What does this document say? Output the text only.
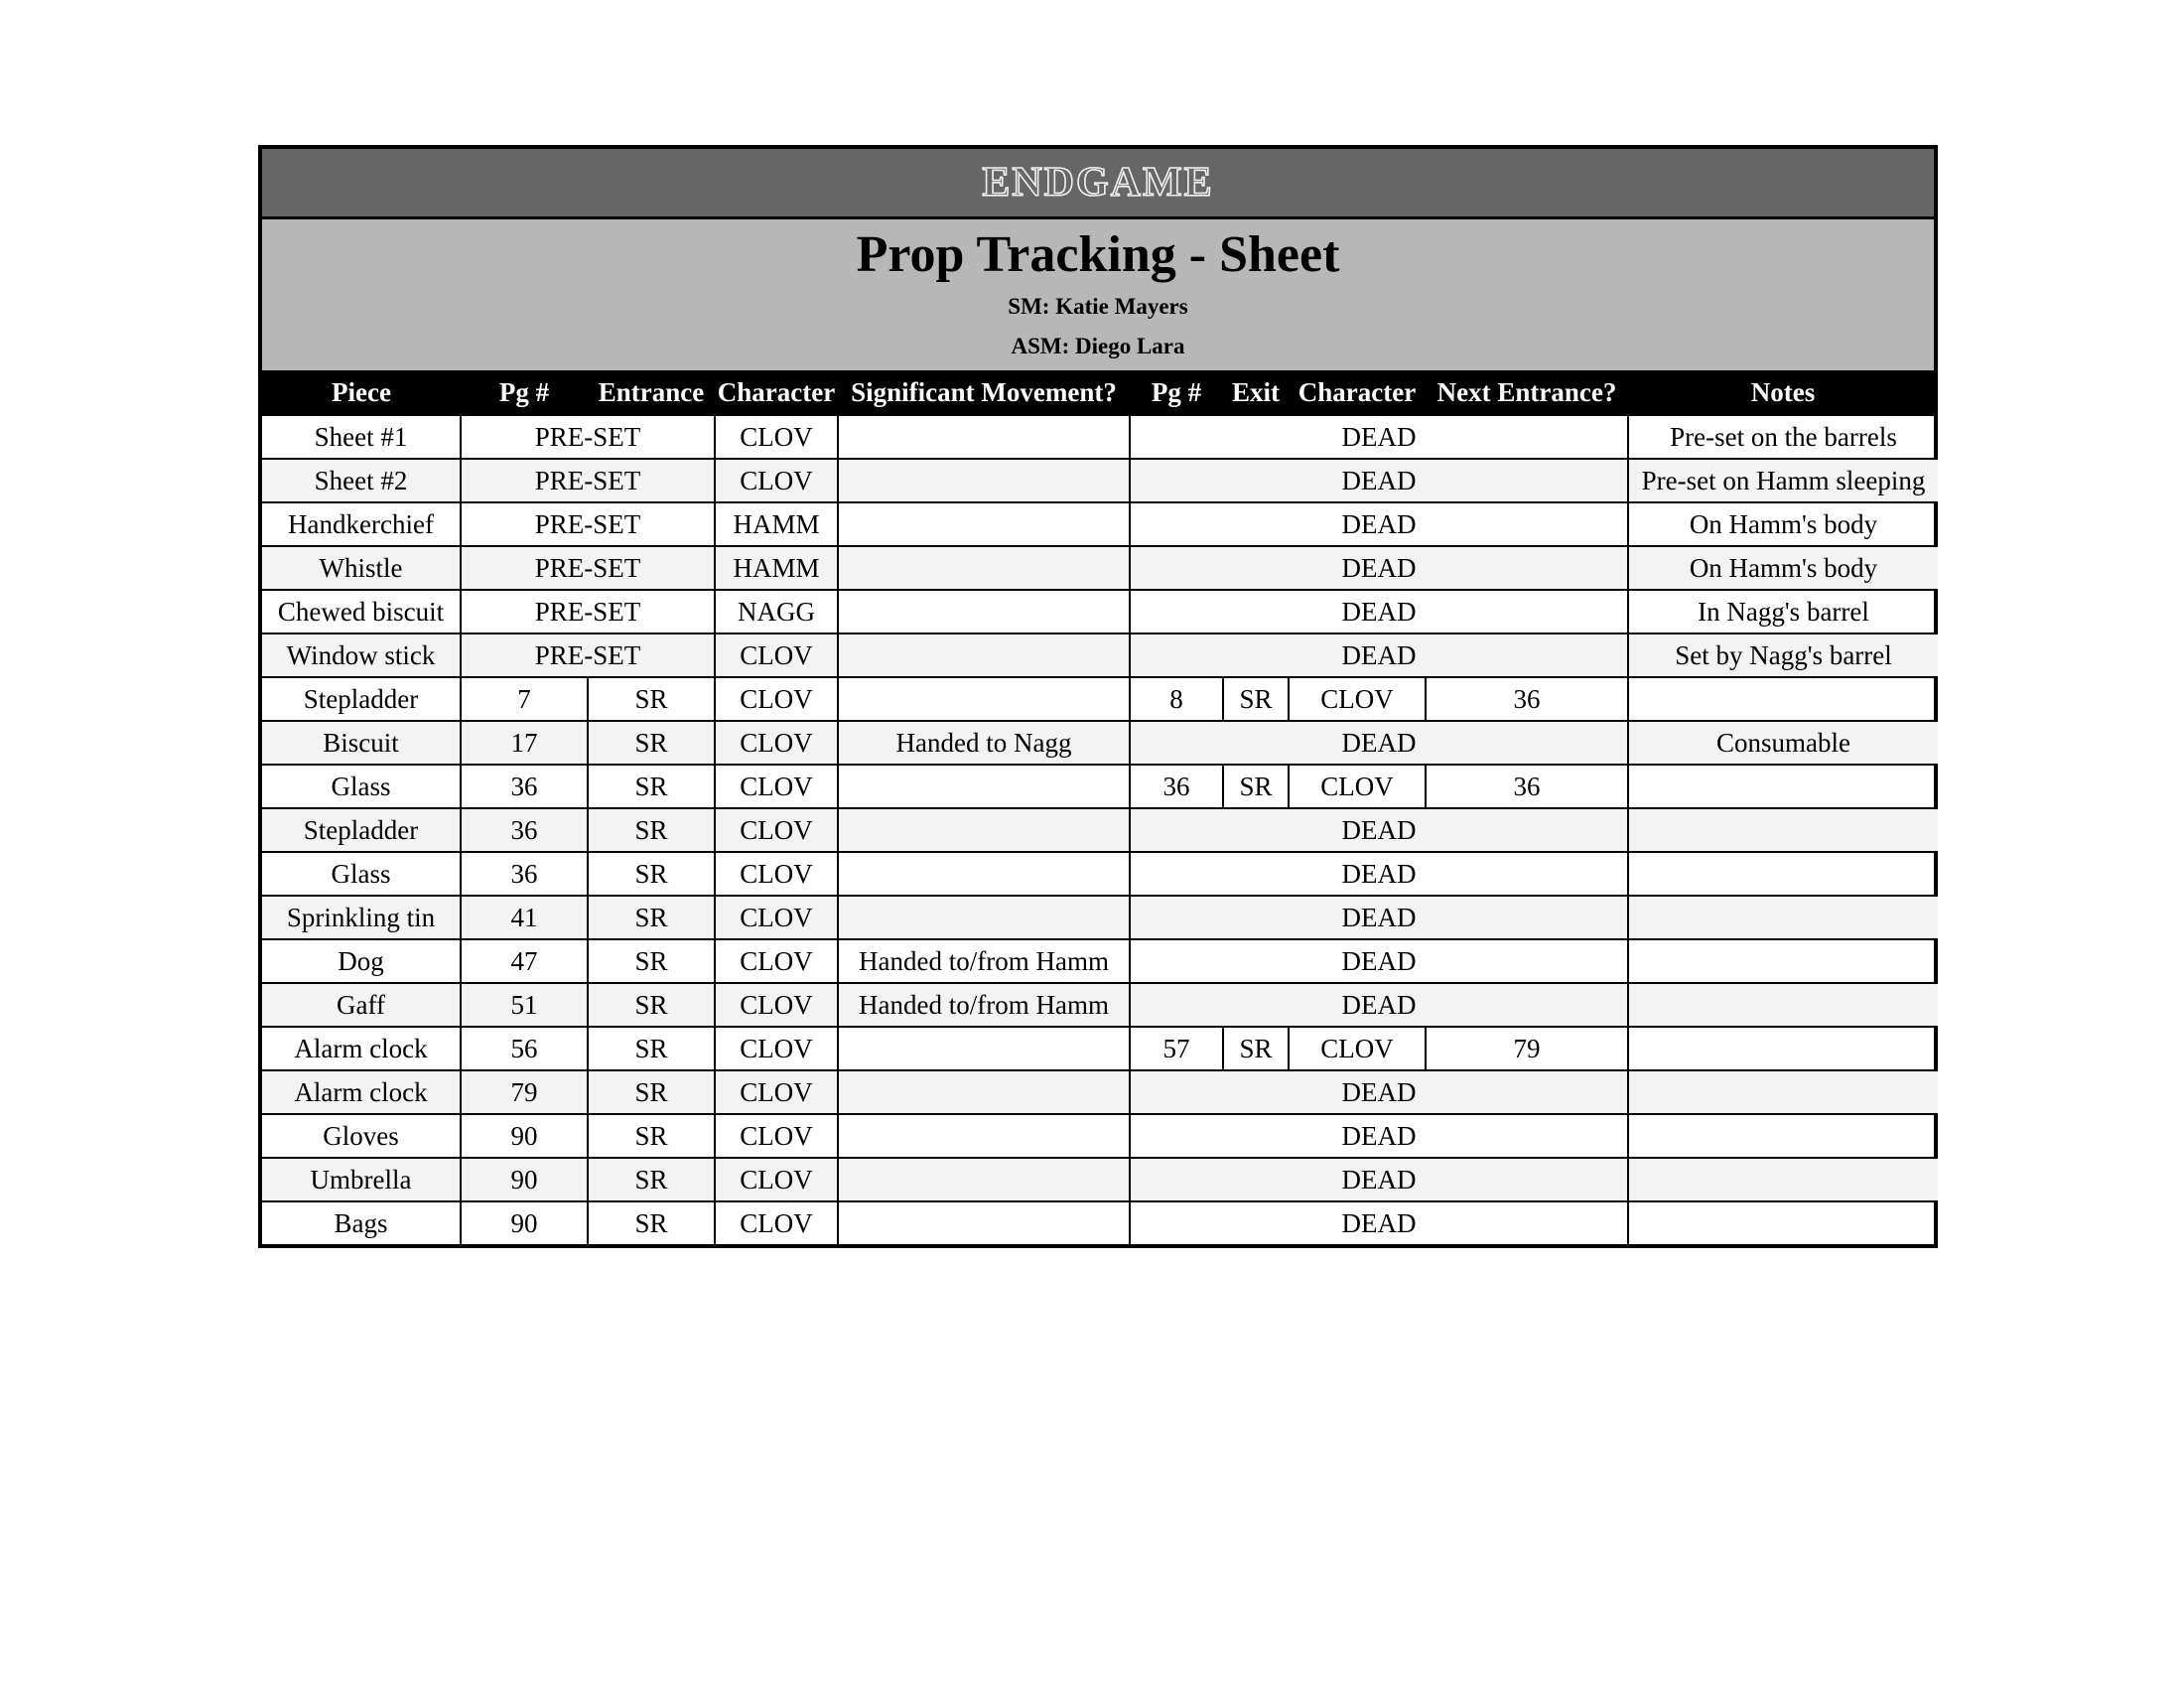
ENDGAME
Prop Tracking - Sheet
SM: Katie Mayers
ASM: Diego Lara
Piece	Pg #	Entrance	Character	Significant Movement?	Pg #	Exit	Character	Next Entrance?	Notes
Sheet #1	PRE-SET		CLOV		DEAD				Pre-set on the barrels
Sheet #2	PRE-SET		CLOV		DEAD				Pre-set on Hamm sleeping
Handkerchief	PRE-SET		HAMM		DEAD				On Hamm's body
Whistle	PRE-SET		HAMM		DEAD				On Hamm's body
Chewed biscuit	PRE-SET		NAGG		DEAD				In Nagg's barrel
Window stick	PRE-SET		CLOV		DEAD				Set by Nagg's barrel
Stepladder	7	SR	CLOV		8	SR	CLOV	36	
Biscuit	17	SR	CLOV	Handed to Nagg	DEAD				Consumable
Glass	36	SR	CLOV		36	SR	CLOV	36	
Stepladder	36	SR	CLOV		DEAD				
Glass	36	SR	CLOV		DEAD				
Sprinkling tin	41	SR	CLOV		DEAD				
Dog	47	SR	CLOV	Handed to/from Hamm	DEAD				
Gaff	51	SR	CLOV	Handed to/from Hamm	DEAD				
Alarm clock	56	SR	CLOV		57	SR	CLOV	79	
Alarm clock	79	SR	CLOV		DEAD				
Gloves	90	SR	CLOV		DEAD				
Umbrella	90	SR	CLOV		DEAD				
Bags	90	SR	CLOV		DEAD				
